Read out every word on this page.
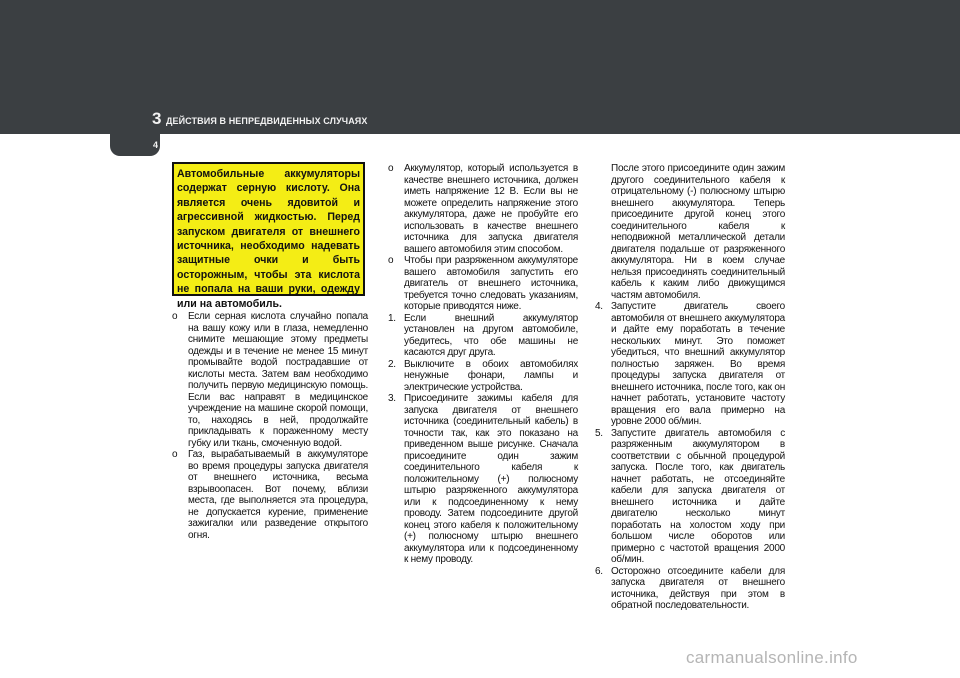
3 ДЕЙСТВИЯ В НЕПРЕДВИДЕННЫХ СЛУЧАЯХ
4
Автомобильные аккумуляторы содержат серную кислоту. Она является очень ядовитой и агрессивной жидкостью. Перед запуском двигателя от внешнего источника, необходимо надевать защитные очки и быть осторожным, чтобы эта кислота не попала на ваши руки, одежду или на автомобиль.

o Если серная кислота случайно попала на вашу кожу или в глаза, немедленно снимите мешающие этому предметы одежды и в течение не менее 15 минут промывайте водой пострадавшие от кислоты места. Затем вам необходимо получить первую медицинскую помощь. Если вас направят в медицинское учреждение на машине скорой помощи, то, находясь в ней, продолжайте прикладывать к пораженному месту губку или ткань, смоченную водой.

o Газ, вырабатываемый в аккумуляторе во время процедуры запуска двигателя от внешнего источника, весьма взрывоопасен. Вот почему, вблизи места, где выполняется эта процедура, не допускается курение, применение зажигалки или разведение открытого огня.

o Аккумулятор, который используется в качестве внешнего источника, должен иметь напряжение 12 В. Если вы не можете определить напряжение этого аккумулятора, даже не пробуйте его использовать в качестве внешнего источника для запуска двигателя вашего автомобиля этим способом.

o Чтобы при разряженном аккумуляторе вашего автомобиля запустить его двигатель от внешнего источника, требуется точно следовать указаниям, которые приводятся ниже.

1. Если внешний аккумулятор установлен на другом автомобиле, убедитесь, что обе машины не касаются друг друга.

2. Выключите в обоих автомобилях ненужные фонари, лампы и электрические устройства.

3. Присоедините зажимы кабеля для запуска двигателя от внешнего источника (соединительный кабель) в точности так, как это показано на приведенном выше рисунке. Сначала присоедините один зажим соединительного кабеля к положительному (+) полюсному штырю разряженного аккумулятора или к подсоединенному к нему проводу. Затем подсоедините другой конец этого кабеля к положительному (+) полюсному штырю внешнего аккумулятора или к подсоединенному к нему проводу.

После этого присоедините один зажим другого соединительного кабеля к отрицательному (-) полюсному штырю внешнего аккумулятора. Теперь присоедините другой конец этого соединительного кабеля к неподвижной металлической детали двигателя подальше от разряженного аккумулятора. Ни в коем случае нельзя присоединять соединительный кабель к каким либо движущимся частям автомобиля.

4. Запустите двигатель своего автомобиля от внешнего аккумулятора и дайте ему поработать в течение нескольких минут. Это поможет убедиться, что внешний аккумулятор полностью заряжен. Во время процедуры запуска двигателя от внешнего источника, после того, как он начнет работать, установите частоту вращения его вала примерно на уровне 2000 об/мин.

5. Запустите двигатель автомобиля с разряженным аккумулятором в соответствии с обычной процедурой запуска. После того, как двигатель начнет работать, не отсоединяйте кабели для запуска двигателя от внешнего источника и дайте двигателю несколько минут поработать на холостом ходу при большом числе оборотов или примерно с частотой вращения 2000 об/мин.

6. Осторожно отсоедините кабели для запуска двигателя от внешнего источника, действуя при этом в обратной последовательности.

carmanualsonline.info
